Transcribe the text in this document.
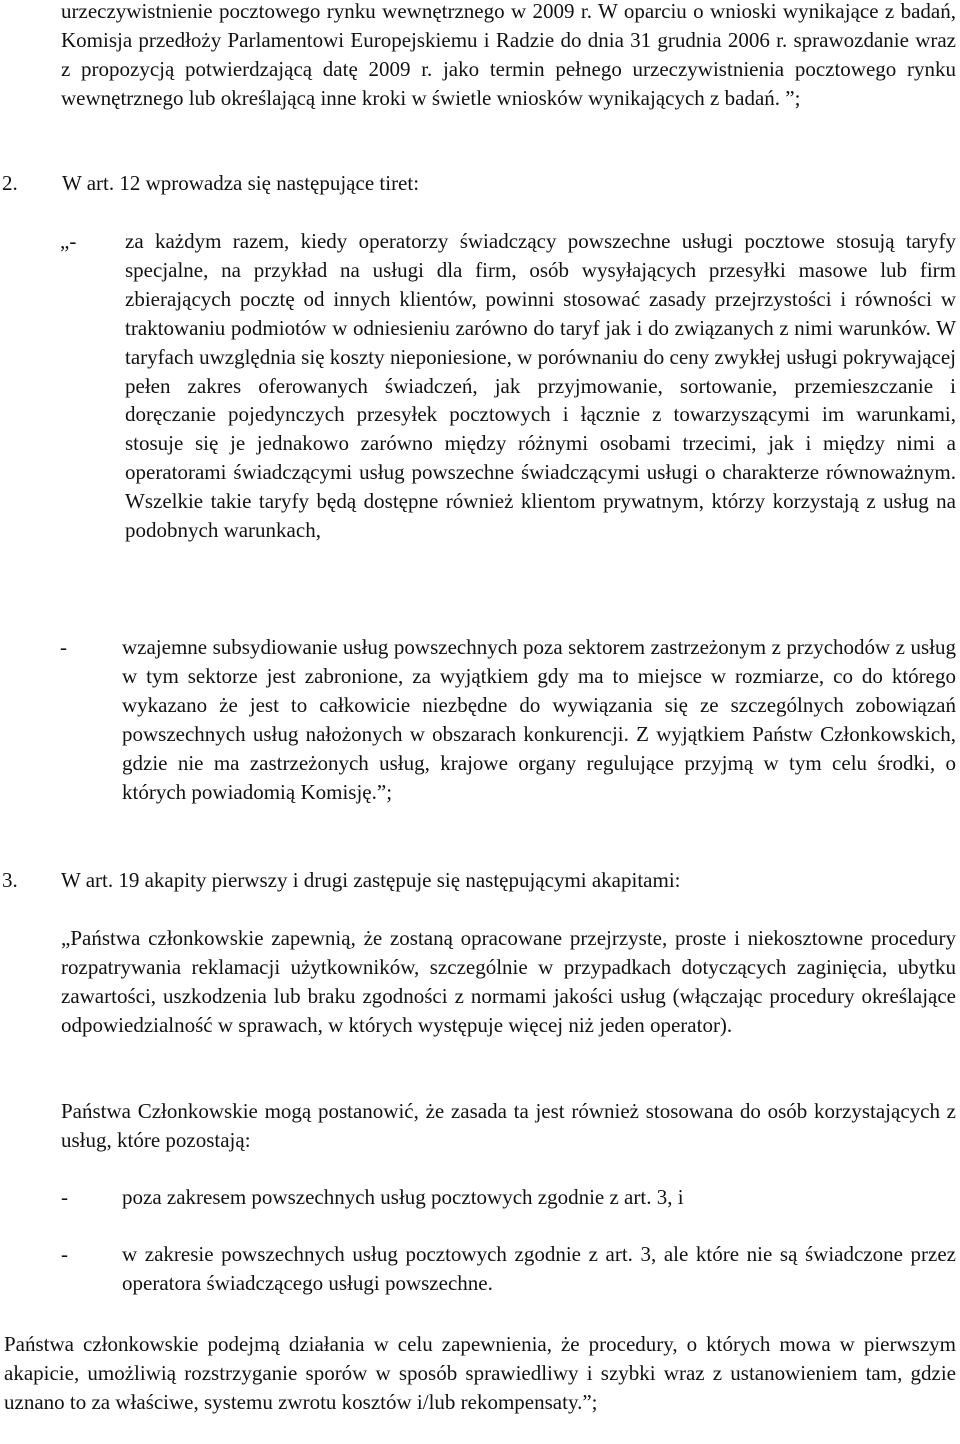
urzeczywistnienie pocztowego rynku wewnętrznego w 2009 r. W oparciu o wnioski wynikające z badań, Komisja przedłoży Parlamentowi Europejskiemu i Radzie do dnia 31 grudnia 2006 r. sprawozdanie wraz z propozycją potwierdzającą datę 2009 r. jako termin pełnego urzeczywistnienia pocztowego rynku wewnętrznego lub określającą inne kroki w świetle wniosków wynikających z badań. ”;

2. W art. 12 wprowadza się następujące tiret:
„- za każdym razem, kiedy operatorzy świadczący powszechne usługi pocztowe stosują taryfy specjalne, na przykład na usługi dla firm, osób wysyłających przesyłki masowe lub firm zbierających pocztę od innych klientów, powinni stosować zasady przejrzystości i równości w traktowaniu podmiotów w odniesieniu zarówno do taryf jak i do związanych z nimi warunków. W taryfach uwzględnia się koszty nieponiesione, w porównaniu do ceny zwykłej usługi pokrywającej pełen zakres oferowanych świadczeń, jak przyjmowanie, sortowanie, przemieszczanie i doręczanie pojedynczych przesyłek pocztowych i łącznie z towarzyszącymi im warunkami, stosuje się je jednakowo zarówno między różnymi osobami trzecimi, jak i między nimi a operatorami świadczącymi usług powszechne świadczącymi usługi o charakterze równoważnym. Wszelkie takie taryfy będą dostępne również klientom prywatnym, którzy korzystają z usług na podobnych warunkach,

-	wzajemne subsydiowanie usług powszechnych poza sektorem zastrzeżonym z przychodów z usług w tym sektorze jest zabronione, za wyjątkiem gdy ma to miejsce w rozmiarze, co do którego wykazano że jest to całkowicie niezbędne do wywiązania się ze szczególnych zobowiązań powszechnych usług nałożonych w obszarach konkurencji. Z wyjątkiem Państw Członkowskich, gdzie nie ma zastrzeżonych usług, krajowe organy regulujące przyjmą w tym celu środki, o których powiadomią Komisję.”;

3. W art. 19 akapity pierwszy i drugi zastępuje się następującymi akapitami:

„Państwa członkowskie zapewnią, że zostaną opracowane przejrzyste, proste i niekosztowne procedury rozpatrywania reklamacji użytkowników, szczególnie w przypadkach dotyczących zaginięcia, ubytku zawartości, uszkodzenia lub braku zgodności z normami jakości usług (włączając procedury określające odpowiedzialność w sprawach, w których występuje więcej niż jeden operator).

Państwa Członkowskie mogą postanowić, że zasada ta jest również stosowana do osób korzystających z usług, które pozostają:

-	poza zakresem powszechnych usług pocztowych zgodnie z art. 3, i

-	w zakresie powszechnych usług pocztowych zgodnie z art. 3, ale które nie są świadczone przez operatora świadczącego usługi powszechne.

Państwa członkowskie podejmą działania w celu zapewnienia, że procedury, o których mowa w pierwszym akapicie, umożliwią rozstrzyganie sporów w sposób sprawiedliwy i szybki wraz z ustanowieniem tam, gdzie uznano to za właściwe, systemu zwrotu kosztów i/lub rekompensaty.”;
